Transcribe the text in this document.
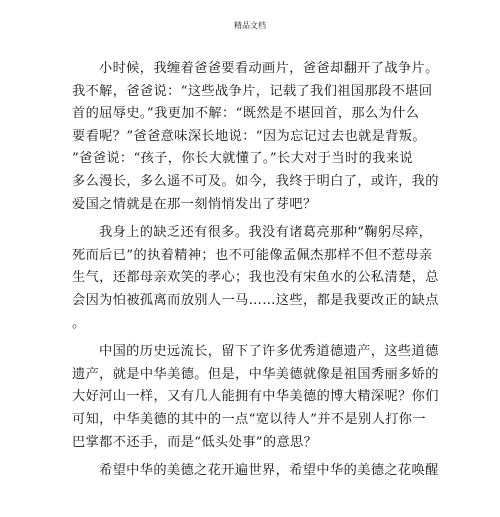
精品文档
小时候，我缠着爸爸要看动画片，爸爸却翻开了战争片。
我不解，爸爸说：“这些战争片，记载了我们祖国那段不堪回
首的屈辱史。”我更加不解：“既然是不堪回首，那么为什么
要看呢？”爸爸意味深长地说：“因为忘记过去也就是背叛。
”爸爸说：“孩子，你长大就懂了。”长大对于当时的我来说
多么漫长，多么遥不可及。如今，我终于明白了，或许，我的
爱国之情就是在那一刻悄悄发出了芽吧？
我身上的缺乏还有很多。我没有诸葛亮那种“鞠躬尽瘁，
死而后已”的执着精神；也不可能像孟佩杰那样不但不惹母亲
生气，还都母亲欢笑的孝心；我也没有宋鱼水的公私清楚，总
会因为怕被孤离而放别人一马……这些，都是我要改正的缺点
。
中国的历史远流长，留下了许多优秀道德遗产，这些道德
遗产，就是中华美德。但是，中华美德就像是祖国秀丽多娇的
大好河山一样，又有几人能拥有中华美德的博大精深呢？你们
可知，中华美德的其中的一点“宽以待人”并不是别人打你一
巴掌都不还手，而是“低头处事”的意思？
希望中华的美德之花开遍世界，希望中华的美德之花唤醒
